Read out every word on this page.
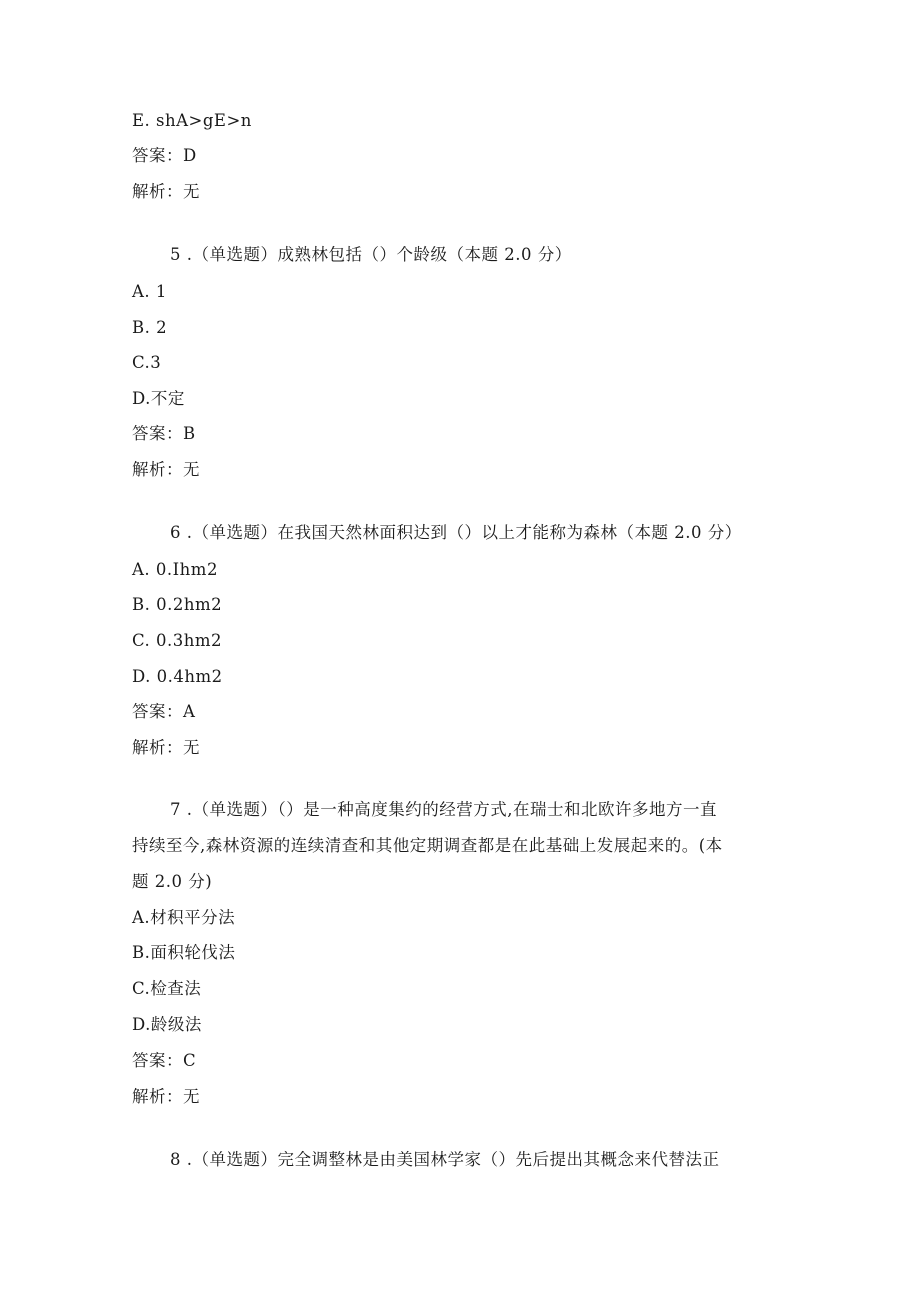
E. shA>gE>n
答案：D
解析：无
5 .（单选题）成熟林包括（）个龄级（本题 2.0 分）
A. 1
B. 2
C.3
D.不定
答案：B
解析：无
6 .（单选题）在我国天然林面积达到（）以上才能称为森林（本题 2.0 分）
A. 0.Ihm2
B. 0.2hm2
C. 0.3hm2
D. 0.4hm2
答案：A
解析：无
7 .（单选题）（）是一种高度集约的经营方式,在瑞士和北欧许多地方一直
持续至今,森林资源的连续清查和其他定期调查都是在此基础上发展起来的。(本
题 2.0 分)
A.材积平分法
B.面积轮伐法
C.检查法
D.龄级法
答案：C
解析：无
8 .（单选题）完全调整林是由美国林学家（）先后提出其概念来代替法正
